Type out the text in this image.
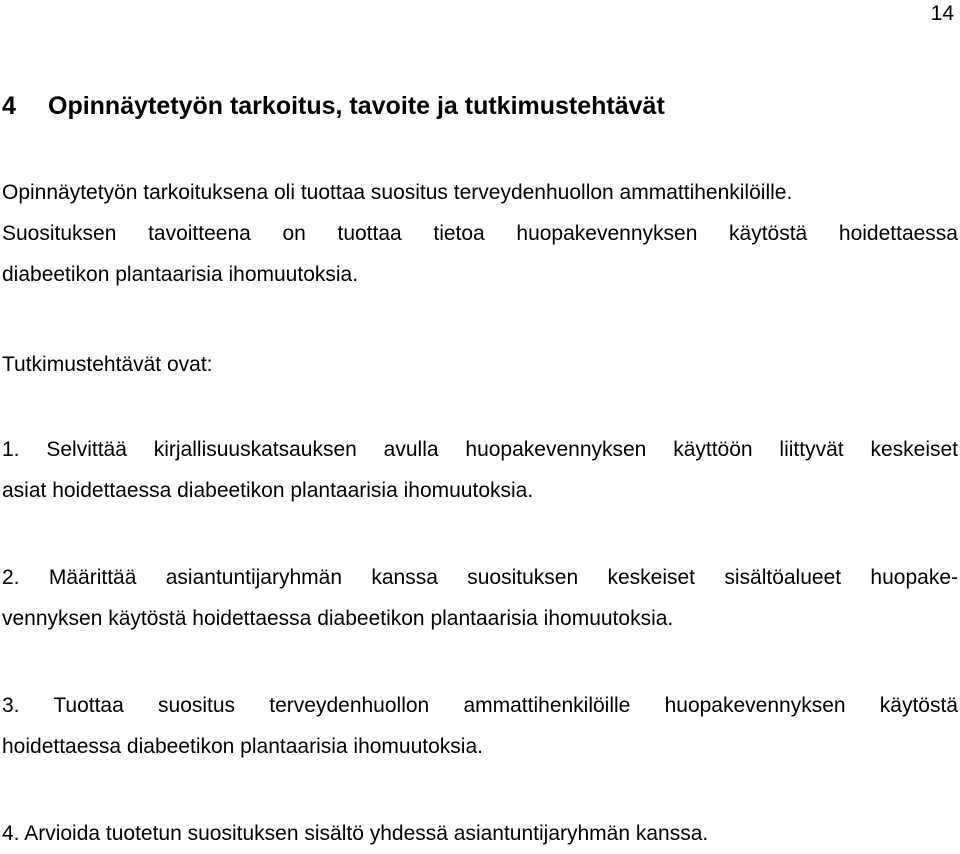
14
4 Opinnäytetyön tarkoitus, tavoite ja tutkimustehtävät
Opinnäytetyön tarkoituksena oli tuottaa suositus terveydenhuollon ammattihenkilöille.
Suosituksen tavoitteena on tuottaa tietoa huopakevennyksen käytöstä hoidettaessa
diabeetikon plantaarisia ihomuutoksia.
Tutkimustehtävät ovat:
1. Selvittää kirjallisuuskatsauksen avulla huopakevennyksen käyttöön liittyvät keskeiset
asiat hoidettaessa diabeetikon plantaarisia ihomuutoksia.
2. Määrittää asiantuntijaryhmän kanssa suosituksen keskeiset sisältöalueet huopake-
vennyksen käytöstä hoidettaessa diabeetikon plantaarisia ihomuutoksia.
3. Tuottaa suositus terveydenhuollon ammattihenkilöille huopakevennyksen käytöstä
hoidettaessa diabeetikon plantaarisia ihomuutoksia.
4. Arvioida tuotetun suosituksen sisältö yhdessä asiantuntijaryhmän kanssa.
